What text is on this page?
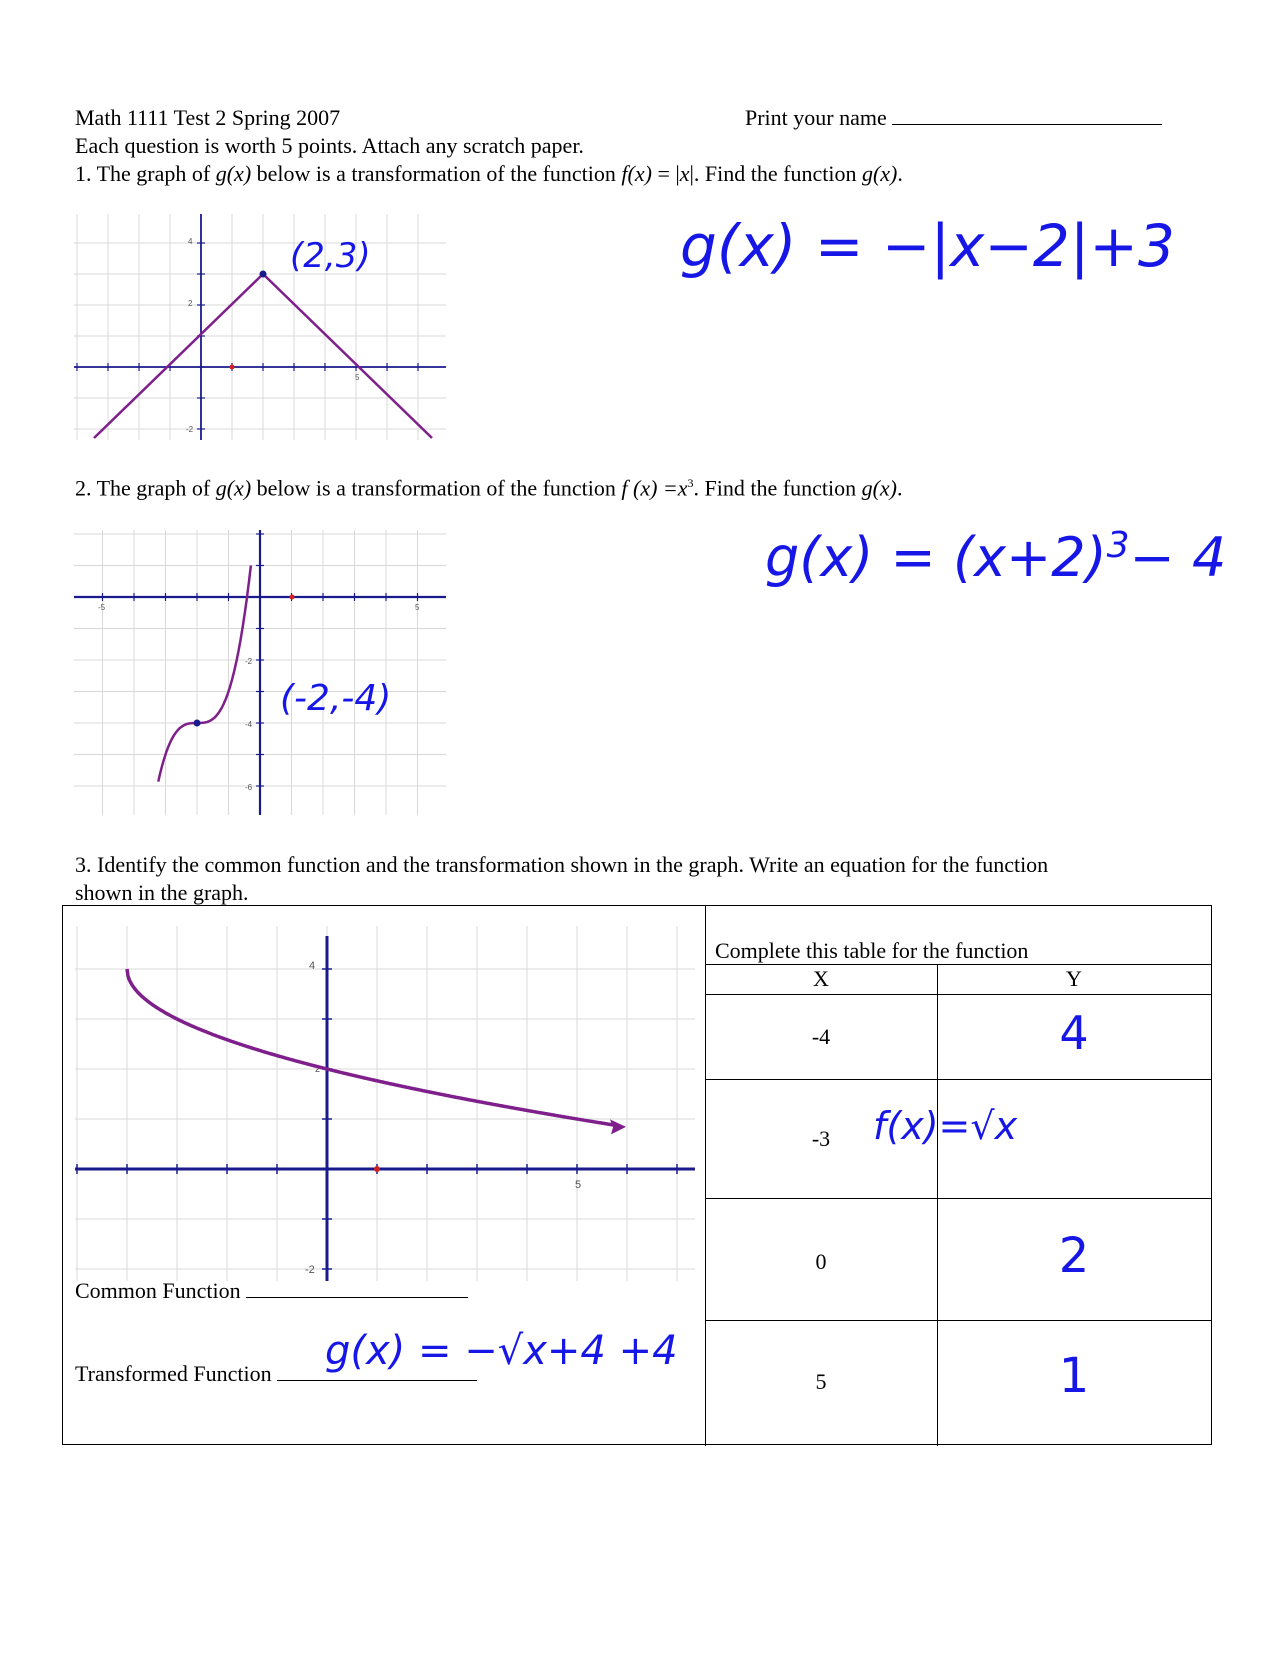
Math 1111 Test 2 Spring 2007	Print your name
Each question is worth 5 points. Attach any scratch paper.
1. The graph of g(x) below is a transformation of the function f(x) = |x|. Find the function g(x).
4
2
5
-2
(2,3)	g(x) = −|x−2|+3
2. The graph of g(x) below is a transformation of the function f $(x) =x^3$. Find the function g(x).
-5	5
-2
-4
-6
(-2,-4)
$g(x) = (x+2)^3- 4$
3. Identify the common function and the transformation shown in the graph. Write an equation for the function
shown in the graph.
4
2
5
-2
Common Function
Transformed Function	g(x) = −√x+4 +4
Complete this table for the function
X	Y
-4	4
-3	f(x)=√x
0	2
5	1
